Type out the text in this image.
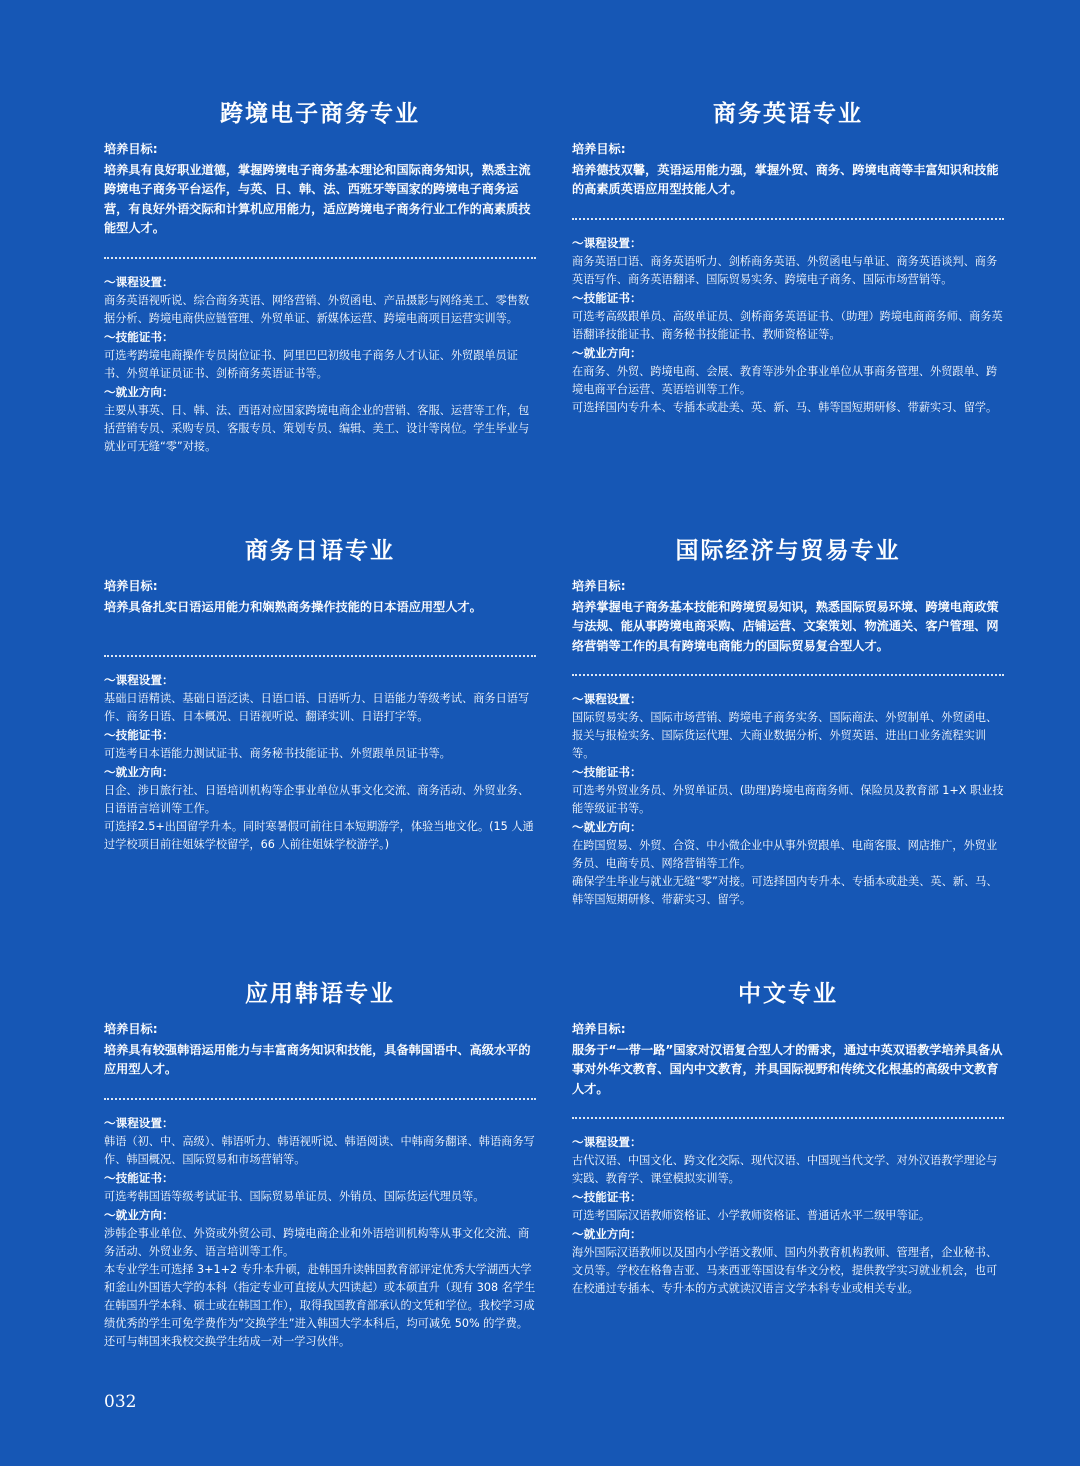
跨境电子商务专业
培养目标:
培养具有良好职业道德，掌握跨境电子商务基本理论和国际商务知识，熟悉主流跨境电子商务平台运作，与英、日、韩、法、西班牙等国家的跨境电子商务运营，有良好外语交际和计算机应用能力，适应跨境电子商务行业工作的高素质技能型人才。
～课程设置：
商务英语视听说、综合商务英语、网络营销、外贸函电、产品摄影与网络美工、零售数据分析、跨境电商供应链管理、外贸单证、新媒体运营、跨境电商项目运营实训等。
～技能证书：
可选考跨境电商操作专员岗位证书、阿里巴巴初级电子商务人才认证、外贸跟单员证书、外贸单证员证书、剑桥商务英语证书等。
～就业方向：
主要从事英、日、韩、法、西语对应国家跨境电商企业的营销、客服、运营等工作，包括营销专员、采购专员、客服专员、策划专员、编辑、美工、设计等岗位。学生毕业与就业可无缝“零”对接。
商务英语专业
培养目标:
培养德技双馨，英语运用能力强，掌握外贸、商务、跨境电商等丰富知识和技能的高素质英语应用型技能人才。
～课程设置：
商务英语口语、商务英语听力、剑桥商务英语、外贸函电与单证、商务英语谈判、商务英语写作、商务英语翻译、国际贸易实务、跨境电子商务、国际市场营销等。
～技能证书：
可选考高级跟单员、高级单证员、剑桥商务英语证书、（助理）跨境电商商务师、商务英语翻译技能证书、商务秘书技能证书、教师资格证等。
～就业方向：
在商务、外贸、跨境电商、会展、教育等涉外企事业单位从事商务管理、外贸跟单、跨境电商平台运营、英语培训等工作。
可选择国内专升本、专插本或赴美、英、新、马、韩等国短期研修、带薪实习、留学。
商务日语专业
培养目标:
培养具备扎实日语运用能力和娴熟商务操作技能的日本语应用型人才。
～课程设置：
基础日语精读、基础日语泛读、日语口语、日语听力、日语能力等级考试、商务日语写作、商务日语、日本概况、日语视听说、翻译实训、日语打字等。
～技能证书：
可选考日本语能力测试证书、商务秘书技能证书、外贸跟单员证书等。
～就业方向：
日企、涉日旅行社、日语培训机构等企事业单位从事文化交流、商务活动、外贸业务、日语语言培训等工作。
可选择2.5+出国留学升本。同时寒暑假可前往日本短期游学，体验当地文化。(15 人通过学校项目前往姐妹学校留学，66 人前往姐妹学校游学。)
国际经济与贸易专业
培养目标:
培养掌握电子商务基本技能和跨境贸易知识，熟悉国际贸易环境、跨境电商政策与法规、能从事跨境电商采购、店铺运营、文案策划、物流通关、客户管理、网络营销等工作的具有跨境电商能力的国际贸易复合型人才。
～课程设置：
国际贸易实务、国际市场营销、跨境电子商务实务、国际商法、外贸制单、外贸函电、报关与报检实务、国际货运代理、大商业数据分析、外贸英语、进出口业务流程实训等。
～技能证书：
可选考外贸业务员、外贸单证员、(助理)跨境电商商务师、保险员及教育部 1+X 职业技能等级证书等。
～就业方向：
在跨国贸易、外贸、合资、中小微企业中从事外贸跟单、电商客服、网店推广，外贸业务员、电商专员、网络营销等工作。
确保学生毕业与就业无缝“零”对接。可选择国内专升本、专插本或赴美、英、新、马、韩等国短期研修、带薪实习、留学。
应用韩语专业
培养目标:
培养具有较强韩语运用能力与丰富商务知识和技能，具备韩国语中、高级水平的应用型人才。
～课程设置：
韩语（初、中、高级）、韩语听力、韩语视听说、韩语阅读、中韩商务翻译、韩语商务写作、韩国概况、国际贸易和市场营销等。
～技能证书：
可选考韩国语等级考试证书、国际贸易单证员、外销员、国际货运代理员等。
～就业方向：
涉韩企事业单位、外资或外贸公司、跨境电商企业和外语培训机构等从事文化交流、商务活动、外贸业务、语言培训等工作。
本专业学生可选择 3+1+2 专升本升硕，赴韩国升读韩国教育部评定优秀大学湖西大学和釜山外国语大学的本科（指定专业可直接从大四读起）或本硕直升（现有 308 名学生在韩国升学本科、硕士或在韩国工作），取得我国教育部承认的文凭和学位。我校学习成绩优秀的学生可免学费作为“交换学生”进入韩国大学本科后，均可减免 50% 的学费。还可与韩国来我校交换学生结成一对一学习伙伴。
中文专业
培养目标:
服务于“一带一路”国家对汉语复合型人才的需求，通过中英双语教学培养具备从事对外华文教育、国内中文教育，并具国际视野和传统文化根基的高级中文教育人才。
～课程设置：
古代汉语、中国文化、跨文化交际、现代汉语、中国现当代文学、对外汉语教学理论与实践、教育学、课堂模拟实训等。
～技能证书：
可选考国际汉语教师资格证、小学教师资格证、普通话水平二级甲等证。
～就业方向：
海外国际汉语教师以及国内小学语文教师、国内外教育机构教师、管理者，企业秘书、文员等。学校在格鲁吉亚、马来西亚等国设有华文分校，提供教学实习就业机会，也可在校通过专插本、专升本的方式就读汉语言文学本科专业或相关专业。
032
